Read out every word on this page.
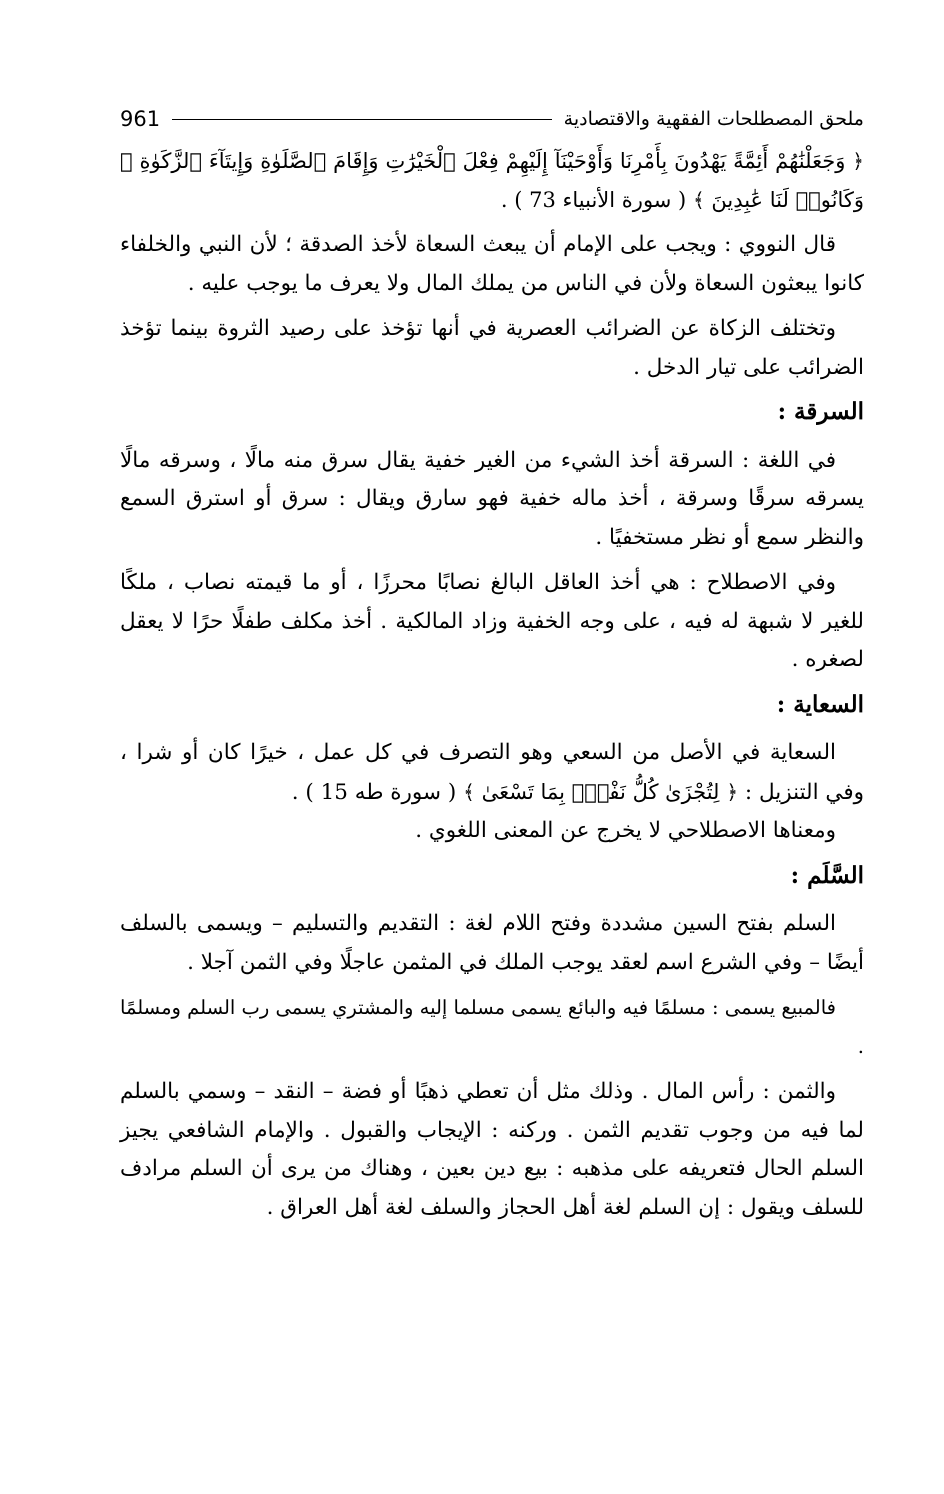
ملحق المصطلحات الفقهية والاقتصادية
961

﴿ وَجَعَلْنَٰهُمْ أَئِمَّةً يَهْدُونَ بِأَمْرِنَا وَأَوْحَيْنَآ إِلَيْهِمْ فِعْلَ ٱلْخَيْرَٰتِ وَإِقَامَ ٱلصَّلَوٰةِ وَإِيتَآءَ ٱلزَّكَوٰةِ ۖ وَكَانُوا۟ لَنَا عَٰبِدِينَ ﴾ ( سورة الأنبياء 73 ) .

قال النووي : ويجب على الإمام أن يبعث السعاة لأخذ الصدقة ؛ لأن النبي والخلفاء كانوا يبعثون السعاة ولأن في الناس من يملك المال ولا يعرف ما يوجب عليه .

وتختلف الزكاة عن الضرائب العصرية في أنها تؤخذ على رصيد الثروة بينما تؤخذ الضرائب على تيار الدخل .

السرقة :

في اللغة : السرقة أخذ الشيء من الغير خفية يقال سرق منه مالًا ، وسرقه مالًا يسرقه سرقًا وسرقة ، أخذ ماله خفية فهو سارق ويقال : سرق أو استرق السمع والنظر سمع أو نظر مستخفيًا .

وفي الاصطلاح : هي أخذ العاقل البالغ نصابًا محرزًا ، أو ما قيمته نصاب ، ملكًا للغير لا شبهة له فيه ، على وجه الخفية وزاد المالكية . أخذ مكلف طفلًا حرًا لا يعقل لصغره .

السعاية :

السعاية في الأصل من السعي وهو التصرف في كل عمل ، خيرًا كان أو شرا ، وفي التنزيل : ﴿ لِتُجْزَىٰ كُلُّ نَفْسٍۭ بِمَا تَسْعَىٰ ﴾ ( سورة طه 15 ) .

ومعناها الاصطلاحي لا يخرج عن المعنى اللغوي .

السَّلَم :

السلم بفتح السين مشددة وفتح اللام لغة : التقديم والتسليم – ويسمى بالسلف أيضًا – وفي الشرع اسم لعقد يوجب الملك في المثمن عاجلًا وفي الثمن آجلا .

فالمبيع يسمى : مسلمًا فيه والبائع يسمى مسلما إليه والمشتري يسمى رب السلم ومسلمًا .

والثمن : رأس المال . وذلك مثل أن تعطي ذهبًا أو فضة – النقد – وسمي بالسلم لما فيه من وجوب تقديم الثمن . وركنه : الإيجاب والقبول . والإمام الشافعي يجيز السلم الحال فتعريفه على مذهبه : بيع دين بعين ، وهناك من يرى أن السلم مرادف للسلف ويقول : إن السلم لغة أهل الحجاز والسلف لغة أهل العراق .
